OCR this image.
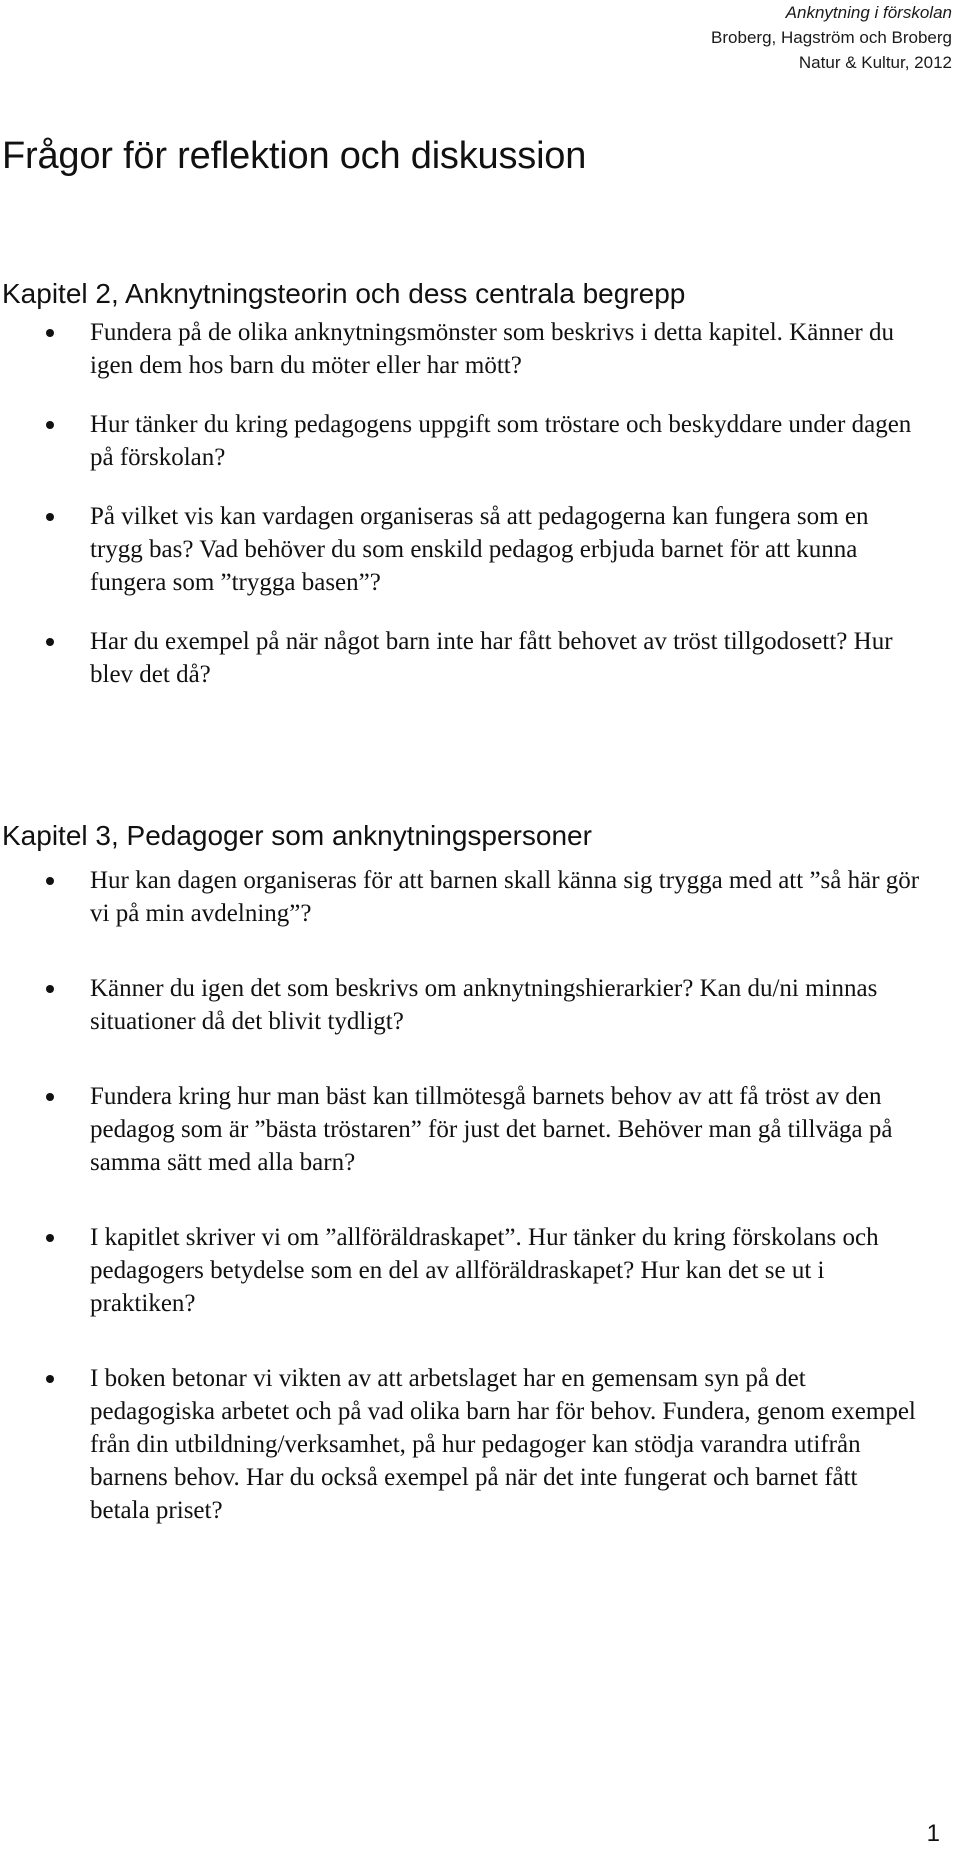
Anknytning i förskolan
Broberg, Hagström och Broberg
Natur & Kultur, 2012
Frågor för reflektion och diskussion
Kapitel 2, Anknytningsteorin och dess centrala begrepp
Fundera på de olika anknytningsmönster som beskrivs i detta kapitel. Känner du igen dem hos barn du möter eller har mött?
Hur tänker du kring pedagogens uppgift som tröstare och beskyddare under dagen på förskolan?
På vilket vis kan vardagen organiseras så att pedagogerna kan fungera som en trygg bas? Vad behöver du som enskild pedagog erbjuda barnet för att kunna fungera som ”trygga basen”?
Har du exempel på när något barn inte har fått behovet av tröst tillgodosett? Hur blev det då?
Kapitel 3, Pedagoger som anknytningspersoner
Hur kan dagen organiseras för att barnen skall känna sig trygga med att ”så här gör vi på min avdelning”?
Känner du igen det som beskrivs om anknytningshierarkier? Kan du/ni minnas situationer då det blivit tydligt?
Fundera kring hur man bäst kan tillmötesgå barnets behov av att få tröst av den pedagog som är ”bästa tröstaren” för just det barnet. Behöver man gå tillväga på samma sätt med alla barn?
I kapitlet skriver vi om ”allföräldraskapet”. Hur tänker du kring förskolans och pedagogers betydelse som en del av allföräldraskapet? Hur kan det se ut i praktiken?
I boken betonar vi vikten av att arbetslaget har en gemensam syn på det pedagogiska arbetet och på vad olika barn har för behov. Fundera, genom exempel från din utbildning/verksamhet, på hur pedagoger kan stödja varandra utifrån barnens behov. Har du också exempel på när det inte fungerat och barnet fått betala priset?
1
